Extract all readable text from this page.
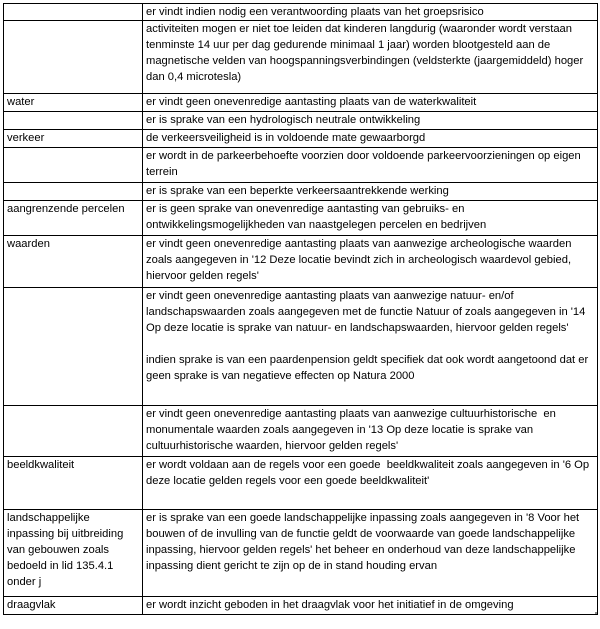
	er vindt indien nodig een verantwoording plaats van het groepsrisico
	activiteiten mogen er niet toe leiden dat kinderen langdurig (waaronder wordt verstaan tenminste 14 uur per dag gedurende minimaal 1 jaar) worden blootgesteld aan de magnetische velden van hoogspanningsverbindingen (veldsterkte (jaargemiddeld) hoger dan 0,4 microtesla)
water	er vindt geen onevenredige aantasting plaats van de waterkwaliteit
	er is sprake van een hydrologisch neutrale ontwikkeling
verkeer	de verkeersveiligheid is in voldoende mate gewaarborgd
	er wordt in de parkeerbehoefte voorzien door voldoende parkeervoorzieningen op eigen terrein
	er is sprake van een beperkte verkeersaantrekkende werking
aangrenzende percelen	er is geen sprake van onevenredige aantasting van gebruiks- en ontwikkelingsmogelijkheden van naastgelegen percelen en bedrijven
waarden	er vindt geen onevenredige aantasting plaats van aanwezige archeologische waarden zoals aangegeven in '12 Deze locatie bevindt zich in archeologisch waardevol gebied, hiervoor gelden regels'
	er vindt geen onevenredige aantasting plaats van aanwezige natuur- en/of landschapswaarden zoals aangegeven met de functie Natuur of zoals aangegeven in '14 Op deze locatie is sprake van natuur- en landschapswaarden, hiervoor gelden regels'

indien sprake is van een paardenpension geldt specifiek dat ook wordt aangetoond dat er geen sprake is van negatieve effecten op Natura 2000
	er vindt geen onevenredige aantasting plaats van aanwezige cultuurhistorische  en monumentale waarden zoals aangegeven in '13 Op deze locatie is sprake van cultuurhistorische waarden, hiervoor gelden regels'
beeldkwaliteit	er wordt voldaan aan de regels voor een goede  beeldkwaliteit zoals aangegeven in '6 Op deze locatie gelden regels voor een goede beeldkwaliteit'
landschappelijke inpassing bij uitbreiding van gebouwen zoals bedoeld in lid 135.4.1 onder j	er is sprake van een goede landschappelijke inpassing zoals aangegeven in '8 Voor het bouwen of de invulling van de functie geldt de voorwaarde van goede landschappelijke inpassing, hiervoor gelden regels' het beheer en onderhoud van deze landschappelijke inpassing dient gericht te zijn op de in stand houding ervan
draagvlak	er wordt inzicht geboden in het draagvlak voor het initiatief in de omgeving
